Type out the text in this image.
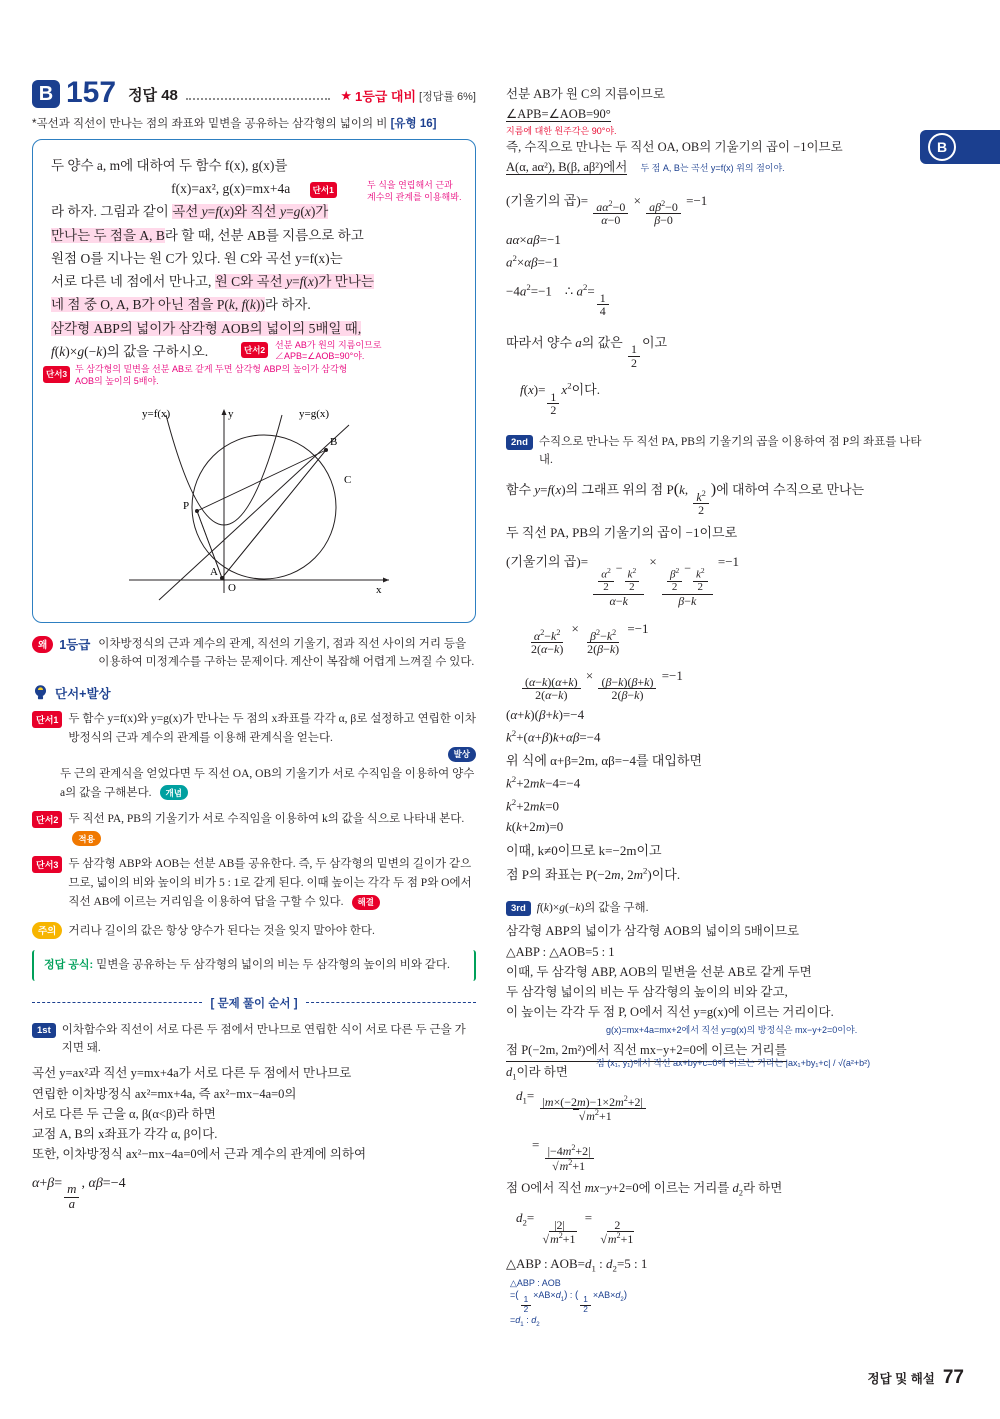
B
B 157 정답 48	★ 1등급 대비 [정답률 6%]
*곡선과 직선이 만나는 점의 좌표와 밑변을 공유하는 삼각형의 넓이의 비 [유형 16]
두 양수 a, m에 대하여 두 함수 f(x), g(x)를
f(x)=ax², g(x)=mx+4a	단서1
라 하자. 그림과 같이 곡선 y=f(x)와 직선 y=g(x)가
두 식을 연립해서 근과 계수의 관계를 이용해봐.
만나는 두 점을 A, B라 할 때, 선분 AB를 지름으로 하고
원점 O를 지나는 원 C가 있다. 원 C와 곡선 y=f(x)는
서로 다른 네 점에서 만나고, 원 C와 곡선 y=f(x)가 만나는
네 점 중 O, A, B가 아닌 점을 P(k, f(k))라 하자.
삼각형 ABP의 넓이가 삼각형 AOB의 넓이의 5배일 때,
f(k)×g(−k)의 값을 구하시오.	단서2	선분 AB가 원의 지름이므로 ∠APB=∠AOB=90°야.
단서3 두 삼각형의 밑변을 선분 AB로 같게 두면 삼각형 ABP의 높이가 삼각형 AOB의 높이의 5배야.
y=f(x)	y=g(x)
y
x
B
C
P
A
O
왜 1등급 이차방정식의 근과 계수의 관계, 직선의 기울기, 점과 직선 사이의 거리 등을 이용하여 미정계수를 구하는 문제이다. 계산이 복잡해 어렵게 느껴질 수 있다.
단서+발상
단서1 두 함수 y=f(x)와 y=g(x)가 만나는 두 점의 x좌표를 각각 α, β로 설정하고 연립한 이차방정식의 근과 계수의 관계를 이용해 관계식을 얻는다.
발상
두 근의 관계식을 얻었다면 두 직선 OA, OB의 기울기가 서로 수직임을 이용하여 양수 a의 값을 구해본다. 개념
단서2 두 직선 PA, PB의 기울기가 서로 수직임을 이용하여 k의 값을 식으로 나타내 본다. 적용
단서3 두 삼각형 ABP와 AOB는 선분 AB를 공유한다. 즉, 두 삼각형의 밑변의 길이가 같으므로, 넓이의 비와 높이의 비가 5 : 1로 같게 된다. 이때 높이는 각각 두 점 P와 O에서 직선 AB에 이르는 거리임을 이용하여 답을 구할 수 있다. 해결
주의	거리나 길이의 값은 항상 양수가 된다는 것을 잊지 말아야 한다.
정답 공식: 밑변을 공유하는 두 삼각형의 넓이의 비는 두 삼각형의 높이의 비와 같다.
[ 문제 풀이 순서 ]
1st 이차함수와 직선이 서로 다른 두 점에서 만나므로 연립한 식이 서로 다른 두 근을 가지면 돼.
곡선 y=ax²과 직선 y=mx+4a가 서로 다른 두 점에서 만나므로
연립한 이차방정식 ax²=mx+4a, 즉 ax²−mx−4a=0의
서로 다른 두 근을 α, β(α<β)라 하면
교점 A, B의 x좌표가 각각 α, β이다.
또한, 이차방정식 ax²−mx−4a=0에서 근과 계수의 관계에 의하여
α+β=
$\frac{m}{a}$
, αβ=−4
선분 AB가 원 C의 지름이므로
∠APB=∠AOB=90°
지름에 대한 원주각은 90°야.
즉, 수직으로 만나는 두 직선 OA, OB의 기울기의 곱이 −1이므로
A(α, aα²), B(β, aβ²)에서 두 점 A, B는 곡선 y=f(x) 위의 점이야.
(기울기의 곱)= $\frac{a\alpha^2-0}{\alpha-0} \times \frac{a\beta^2-0}{\beta-0} =-1$
aα×aβ=−1
$a^2\times\alpha\beta=-1$
$-4a^2=-1$    ∴ $a^2=$
$\frac{1}{4}$
따라서 양수 a의 값은
$\frac{1}{2}$
이고
f(x)=
$\frac{1}{2}$
$x^2$이다.
2nd 수직으로 만나는 두 직선 PA, PB의 기울기의 곱을 이용하여 점 P의 좌표를 나타내.
함수 y=f(x)의 그래프 위의 점 P(k, $\frac{k^2}{2}$
)에 대하여 수직으로 만나는
두 직선 PA, PB의 기울기의 곱이 −1이므로
(기울기의 곱)=
$\frac{\frac{\alpha^2}{2} - \frac{k^2}{2}}{\alpha-k}$
×
$\frac{\frac{\beta^2}{2} - \frac{k^2}{2}}{\beta-k}$
=−1
$\frac{\alpha^2-k^2}{2(\alpha-k)} \times \frac{\beta^2-k^2}{2(\beta-k)} =-1$
$\frac{(\alpha-k)(\alpha+k)}{2(\alpha-k)}$
×
$\frac{(\beta-k)(\beta+k)}{2(\beta-k)}$
=−1
(α+k)(β+k)=−4
$k^2+(\alpha+\beta)k+\alpha\beta=-4$
위 식에 α+β=2m, αβ=−4를 대입하면
$k^2+2mk-4=-4$
$k^2+2mk=0$
k(k+2m)=0
이때, k≠0이므로 k=−2m이고
점 P의 좌표는 P(−2m, $2m^2$)이다.
3rd f(k)×g(−k)의 값을 구해.
삼각형 ABP의 넓이가 삼각형 AOB의 넓이의 5배이므로
△ABP : △AOB=5 : 1
이때, 두 삼각형 ABP, AOB의 밑변을 선분 AB로 같게 두면
두 삼각형 넓이의 비는 두 삼각형의 높이의 비와 같고,
이 높이는 각각 두 점 P, O에서 직선 y=g(x)에 이르는 거리이다.
g(x)=mx+4a=mx+2에서 직선 y=g(x)의 방정식은 mx−y+2=0이야.
점 P(−2m, 2m²)에서 직선 mx−y+2=0에 이르는 거리를
$d_1$이라 하면
점 (x₁, y₁)에서 직선 ax+by+c=0에 이르는 거리는 |ax₁+by₁+c| / √(a²+b²)
$d_1= \frac{|m\times(-2m)-1\times 2m^2+2|}{√m^2+1}$
= $\frac{|-4m^2+2|}{√m^2+1}$
점 O에서 직선 mx−y+2=0에 이르는 거리를 $d_2$라 하면
$d_2=$
$\frac{|2|}{√m^2+1}$
=
$\frac{2}{√m^2+1}$
△ABP : $AOB=d_1$ : $d_2=5$ : 1
△ABP : AOB
=(
$\frac{1}{2}$
$\times AB\times d_1$) : (
$\frac{1}{2}$
$\times AB\times d_2$)
$=d_1$ : $d_2$
정답 및 해설 77
